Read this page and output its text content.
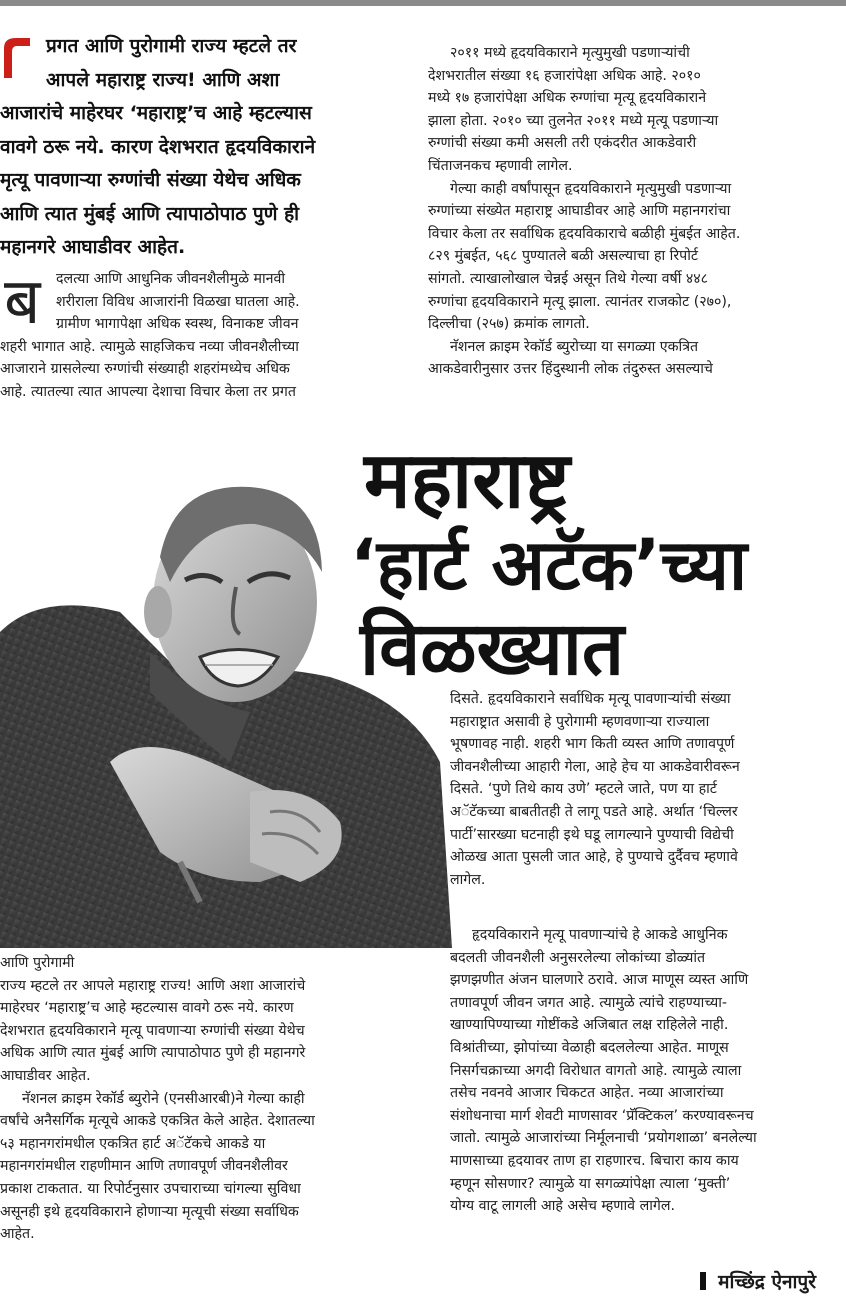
प्रगत आणि पुरोगामी राज्य म्हटले तर
आपले महाराष्ट्र राज्य! आणि अशा
आजारांचे माहेरघर ‘महाराष्ट्र’च आहे म्हटल्यास
वावगे ठरू नये. कारण देशभरात हृदयविकाराने
मृत्यू पावणाऱ्या रुग्णांची संख्या येथेच अधिक
आणि त्यात मुंबई आणि त्यापाठोपाठ पुणे ही
महानगरे आघाडीवर आहेत.
ब	दलत्या आणि आधुनिक जीवनशैलीमुळे मानवी
शरीराला विविध आजारांनी विळखा घातला आहे.
ग्रामीण भागापेक्षा अधिक स्वस्थ, विनाकष्ट जीवन
शहरी भागात आहे. त्यामुळे साहजिकच नव्या जीवनशैलीच्या
आजाराने ग्रासलेल्या रुग्णांची संख्याही शहरांमध्येच अधिक
आहे. त्यातल्या त्यात आपल्या देशाचा विचार केला तर प्रगत
२०११ मध्ये हृदयविकाराने मृत्युमुखी पडणाऱ्यांची
देशभरातील संख्या १६ हजारांपेक्षा अधिक आहे. २०१०
मध्ये १७ हजारांपेक्षा अधिक रुग्णांचा मृत्यू हृदयविकाराने
झाला होता. २०१० च्या तुलनेत २०११ मध्ये मृत्यू पडणाऱ्या
रुग्णांची संख्या कमी असली तरी एकंदरीत आकडेवारी
चिंताजनकच म्हणावी लागेल.
गेल्या काही वर्षांपासून हृदयविकाराने मृत्युमुखी पडणाऱ्या
रुग्णांच्या संख्येत महाराष्ट्र आघाडीवर आहे आणि महानगरांचा
विचार केला तर सर्वाधिक हृदयविकाराचे बळीही मुंबईत आहेत.
८२९ मुंबईत, ५६८ पुण्यातले बळी असल्याचा हा रिपोर्ट
सांगतो. त्याखालोखाल चेन्नई असून तिथे गेल्या वर्षी ४४८
रुग्णांचा हृदयविकाराने मृत्यू झाला. त्यानंतर राजकोट (२७०),
दिल्लीचा (२५७) क्रमांक लागतो.
नॅशनल क्राइम रेकॉर्ड ब्युरोच्या या सगळ्या एकत्रित
आकडेवारीनुसार उत्तर हिंदुस्थानी लोक तंदुरुस्त असल्याचे
महाराष्ट्र
‘हार्ट अटॅक’च्या
विळख्यात
दिसते. हृदयविकाराने सर्वाधिक मृत्यू पावणाऱ्यांची संख्या
महाराष्ट्रात असावी हे पुरोगामी म्हणवणाऱ्या राज्याला
भूषणावह नाही. शहरी भाग किती व्यस्त आणि तणावपूर्ण
जीवनशैलीच्या आहारी गेला, आहे हेच या आकडेवारीवरून
दिसते. ‘पुणे तिथे काय उणे’ म्हटले जाते, पण या हार्ट
अॅटॅकच्या बाबतीतही ते लागू पडते आहे. अर्थात ‘चिल्लर
पार्टी’सारख्या घटनाही इथे घडू लागल्याने पुण्याची विद्येची
ओळख आता पुसली जात आहे, हे पुण्याचे दुर्दैवच म्हणावे
लागेल.
हृदयविकाराने मृत्यू पावणाऱ्यांचे हे आकडे आधुनिक
बदलती जीवनशैली अनुसरलेल्या लोकांच्या डोळ्यांत
झणझणीत अंजन घालणारे ठरावे. आज माणूस व्यस्त आणि
तणावपूर्ण जीवन जगत आहे. त्यामुळे त्यांचे राहण्याच्या-
खाण्यापिण्याच्या गोष्टींकडे अजिबात लक्ष राहिलेले नाही.
विश्रांतीच्या, झोपांच्या वेळाही बदललेल्या आहेत. माणूस
निसर्गचक्राच्या अगदी विरोधात वागतो आहे. त्यामुळे त्याला
तसेच नवनवे आजार चिकटत आहेत. नव्या आजारांच्या
संशोधनाचा मार्ग शेवटी माणसावर ‘प्रॅक्टिकल’ करण्यावरूनच
जातो. त्यामुळे आजारांच्या निर्मूलनाची ‘प्रयोगशाळा’ बनलेल्या
माणसाच्या हृदयावर ताण हा राहणारच. बिचारा काय काय
म्हणून सोसणार? त्यामुळे या सगळ्यांपेक्षा त्याला ‘मुक्ती’
योग्य वाटू लागली आहे असेच म्हणावे लागेल.
आणि पुरोगामी
राज्य म्हटले तर आपले महाराष्ट्र राज्य! आणि अशा आजारांचे
माहेरघर ‘महाराष्ट्र’च आहे म्हटल्यास वावगे ठरू नये. कारण
देशभरात हृदयविकाराने मृत्यू पावणाऱ्या रुग्णांची संख्या येथेच
अधिक आणि त्यात मुंबई आणि त्यापाठोपाठ पुणे ही महानगरे
आघाडीवर आहेत.
नॅशनल क्राइम रेकॉर्ड ब्युरोने (एनसीआरबी)ने गेल्या काही
वर्षांचे अनैसर्गिक मृत्यूचे आकडे एकत्रित केले आहेत. देशातल्या
५३ महानगरांमधील एकत्रित हार्ट अॅटॅकचे आकडे या
महानगरांमधील राहणीमान आणि तणावपूर्ण जीवनशैलीवर
प्रकाश टाकतात. या रिपोर्टनुसार उपचाराच्या चांगल्या सुविधा
असूनही इथे हृदयविकाराने होणाऱ्या मृत्यूची संख्या सर्वाधिक
आहेत.
मच्छिंद्र ऐनापुरे
